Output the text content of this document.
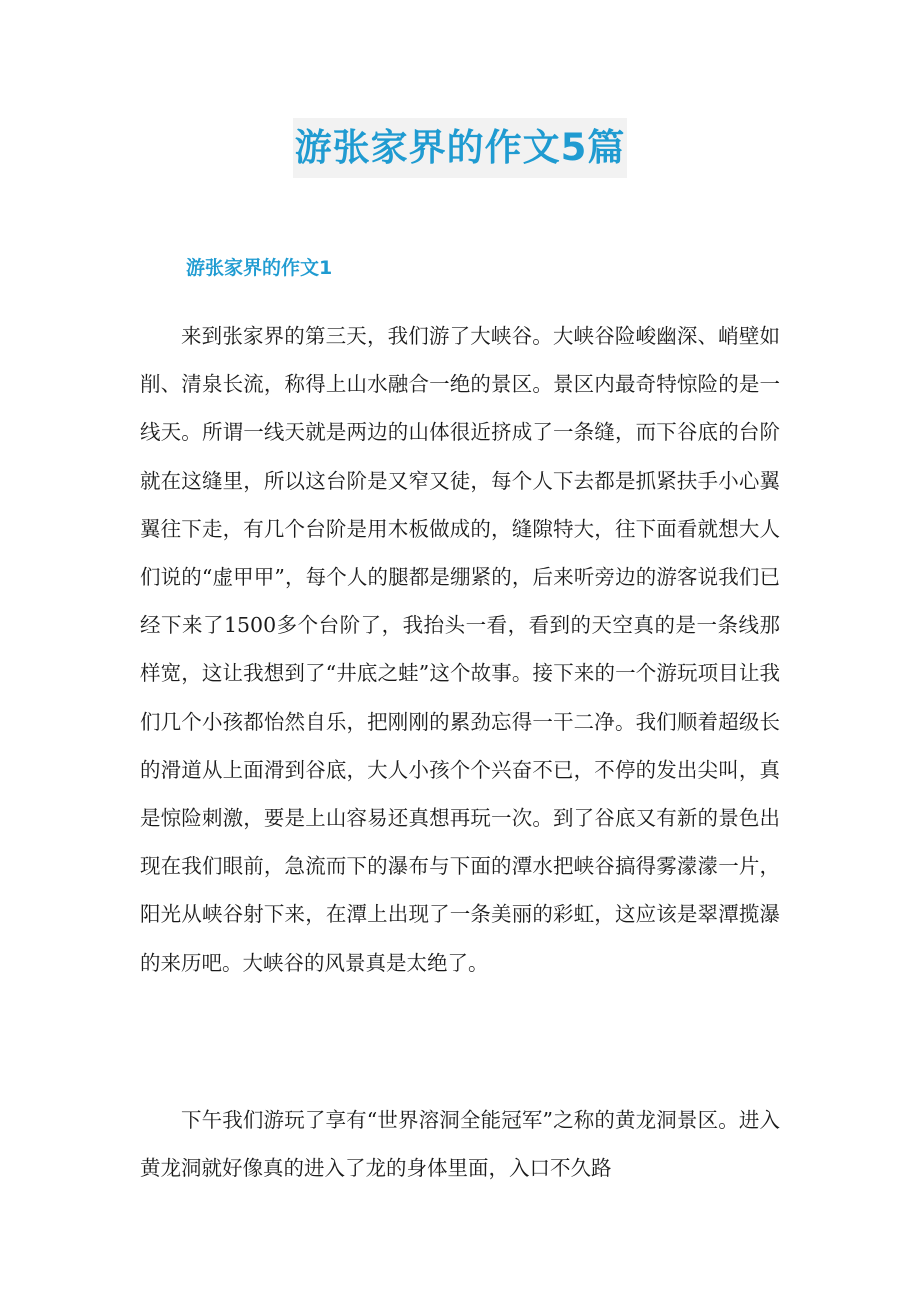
游张家界的作文5篇
游张家界的作文1

来到张家界的第三天，我们游了大峡谷。大峡谷险峻幽深、峭壁如削、清泉长流，称得上山水融合一绝的景区。景区内最奇特惊险的是一线天。所谓一线天就是两边的山体很近挤成了一条缝，而下谷底的台阶就在这缝里，所以这台阶是又窄又徒，每个人下去都是抓紧扶手小心翼翼往下走，有几个台阶是用木板做成的，缝隙特大，往下面看就想大人们说的“虚甲甲”，每个人的腿都是绷紧的，后来听旁边的游客说我们已经下来了1500多个台阶了，我抬头一看，看到的天空真的是一条线那样宽，这让我想到了“井底之蛙”这个故事。接下来的一个游玩项目让我们几个小孩都怡然自乐，把刚刚的累劲忘得一干二净。我们顺着超级长的滑道从上面滑到谷底，大人小孩个个兴奋不已，不停的发出尖叫，真是惊险刺激，要是上山容易还真想再玩一次。到了谷底又有新的景色出现在我们眼前，急流而下的瀑布与下面的潭水把峡谷搞得雾濛濛一片，阳光从峡谷射下来，在潭上出现了一条美丽的彩虹，这应该是翠潭揽瀑的来历吧。大峡谷的风景真是太绝了。

下午我们游玩了享有“世界溶洞全能冠军”之称的黄龙洞景区。进入黄龙洞就好像真的进入了龙的身体里面，入口不久路
